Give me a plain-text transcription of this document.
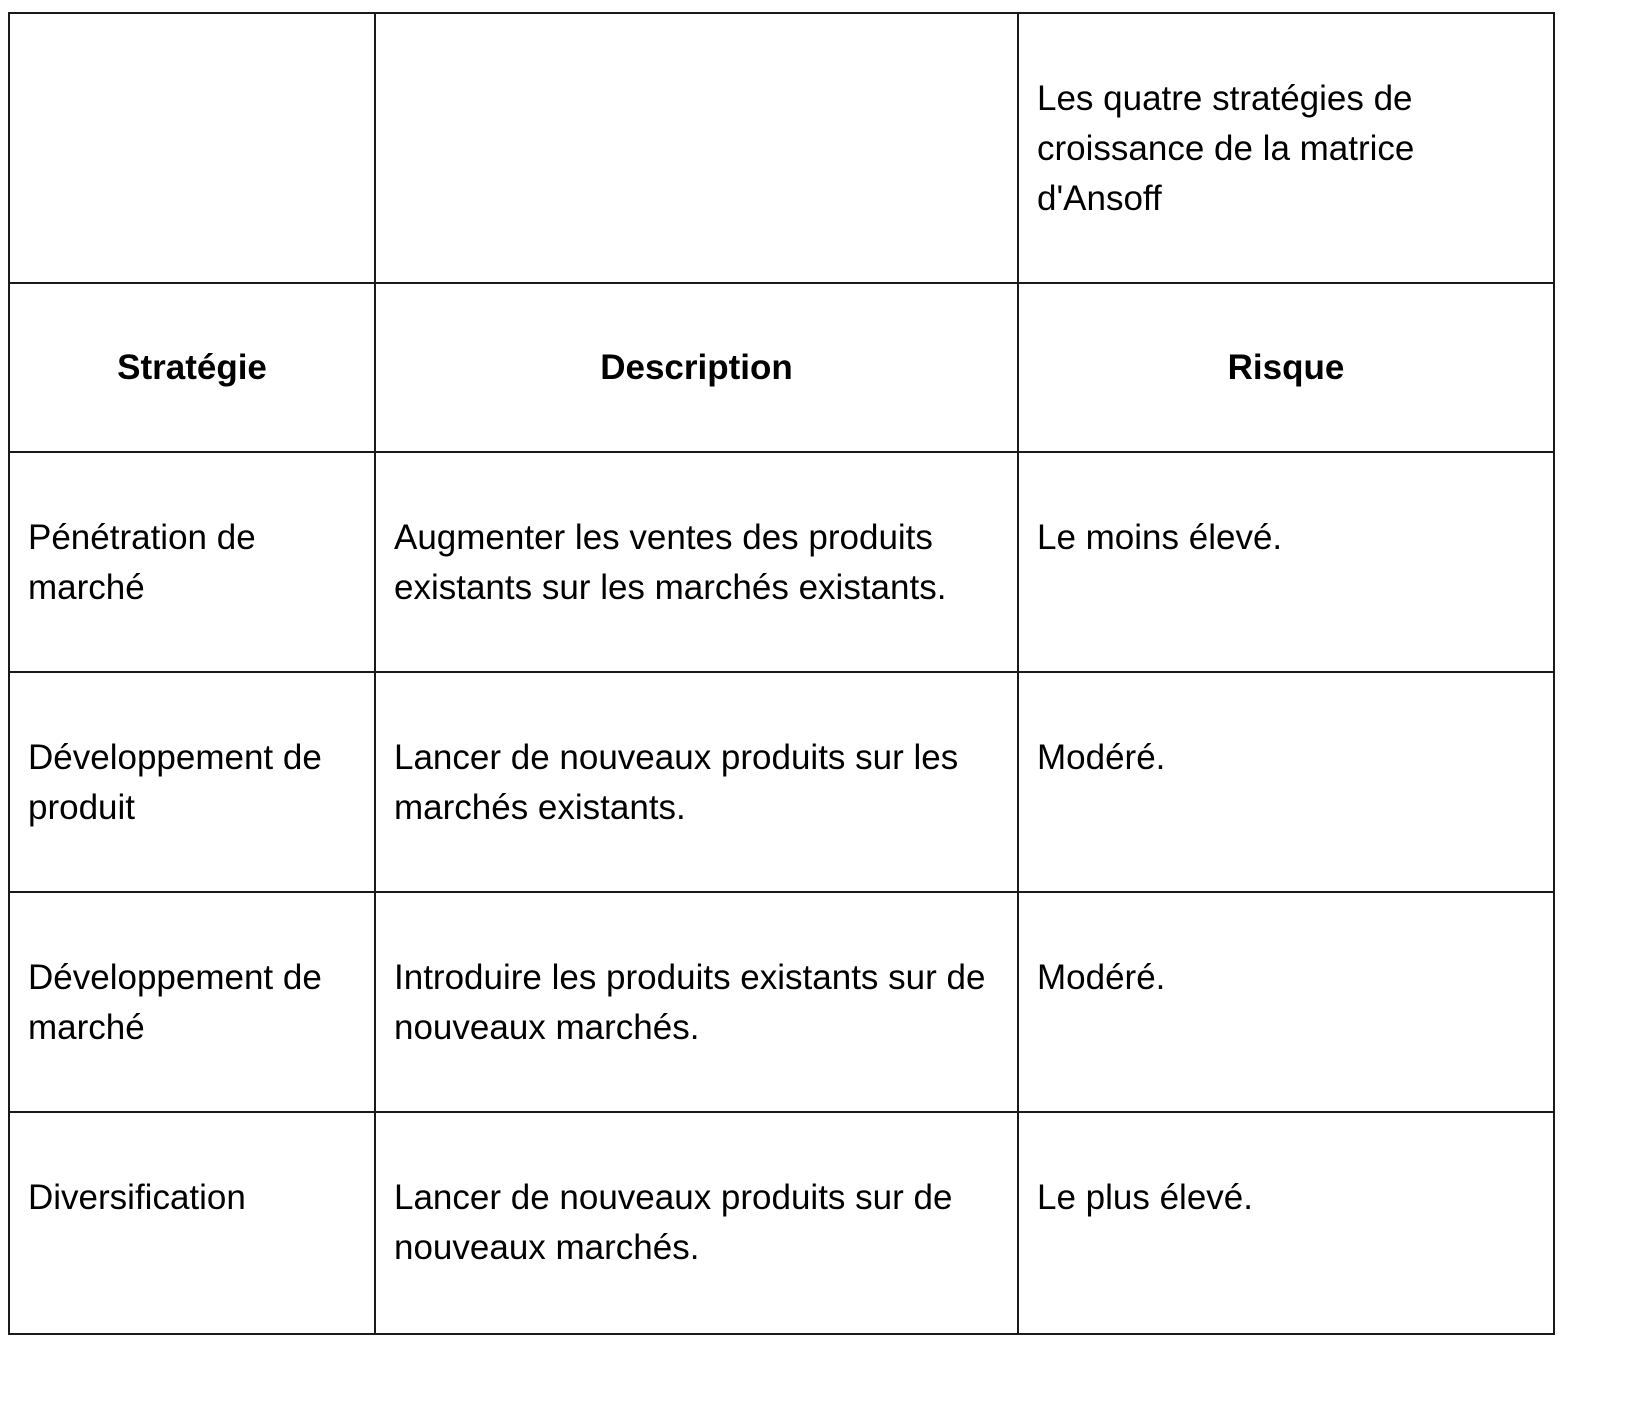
		Les quatre stratégies de croissance de la matrice d'Ansoff
Stratégie	Description	Risque
Pénétration de marché	Augmenter les ventes des produits existants sur les marchés existants.	Le moins élevé.
Développement de produit	Lancer de nouveaux produits sur les marchés existants.	Modéré.
Développement de marché	Introduire les produits existants sur de nouveaux marchés.	Modéré.
Diversification	Lancer de nouveaux produits sur de nouveaux marchés.	Le plus élevé.
